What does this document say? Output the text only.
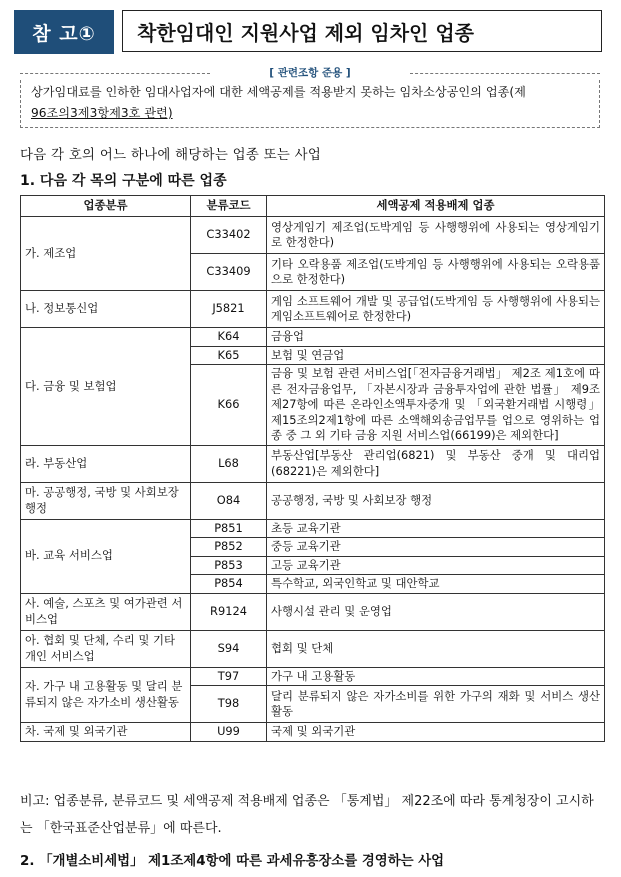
참 고①	착한임대인 지원사업 제외 임차인 업종
[ 관련조항 준용 ]
상가임대료를 인하한 임대사업자에 대한 세액공제를 적용받지 못하는 임차소상공인의 업종(제
96조의3제3항제3호 관련)
다음 각 호의 어느 하나에 해당하는 업종 또는 사업
1. 다음 각 목의 구분에 따른 업종
업종분류	분류코드	세액공제 적용배제 업종
가. 제조업	C33402	영상게임기 제조업(도박게임 등 사행행위에 사용되는 영상게임기로 한정한다)
	C33409	기타 오락용품 제조업(도박게임 등 사행행위에 사용되는 오락용품으로 한정한다)
나. 정보통신업	J5821	게임 소프트웨어 개발 및 공급업(도박게임 등 사행행위에 사용되는 게임소프트웨어로 한정한다)
다. 금융 및 보험업	K64	금융업
	K65	보험 및 연금업
	K66	금융 및 보험 관련 서비스업[「전자금융거래법」 제2조 제1호에 따른 전자금융업무, 「자본시장과 금융투자업에 관한 법률」 제9조제27항에 따른 온라인소액투자중개 및 「외국환거래법 시행령」 제15조의2제1항에 따른 소액해외송금업무를 업으로 영위하는 업종 중 그 외 기타 금융 지원 서비스업(66199)은 제외한다]
라. 부동산업	L68	부동산업[부동산 관리업(6821) 및 부동산 중개 및 대리업(68221)은 제외한다]
마. 공공행정, 국방 및 사회보장 행정	O84	공공행정, 국방 및 사회보장 행정
바. 교육 서비스업	P851	초등 교육기관
	P852	중등 교육기관
	P853	고등 교육기관
	P854	특수학교, 외국인학교 및 대안학교
사. 예술, 스포츠 및 여가관련 서비스업	R9124	사행시설 관리 및 운영업
아. 협회 및 단체, 수리 및 기타 개인 서비스업	S94	협회 및 단체
자. 가구 내 고용활동 및 달리 분류되지 않은 자가소비 생산활동	T97	가구 내 고용활동
	T98	달리 분류되지 않은 자가소비를 위한 가구의 재화 및 서비스 생산활동
차. 국제 및 외국기관	U99	국제 및 외국기관
비고: 업종분류, 분류코드 및 세액공제 적용배제 업종은 「통계법」 제22조에 따라 통계청장이 고시하는 「한국표준산업분류」에 따른다.
2. 「개별소비세법」 제1조제4항에 따른 과세유흥장소를 경영하는 사업
